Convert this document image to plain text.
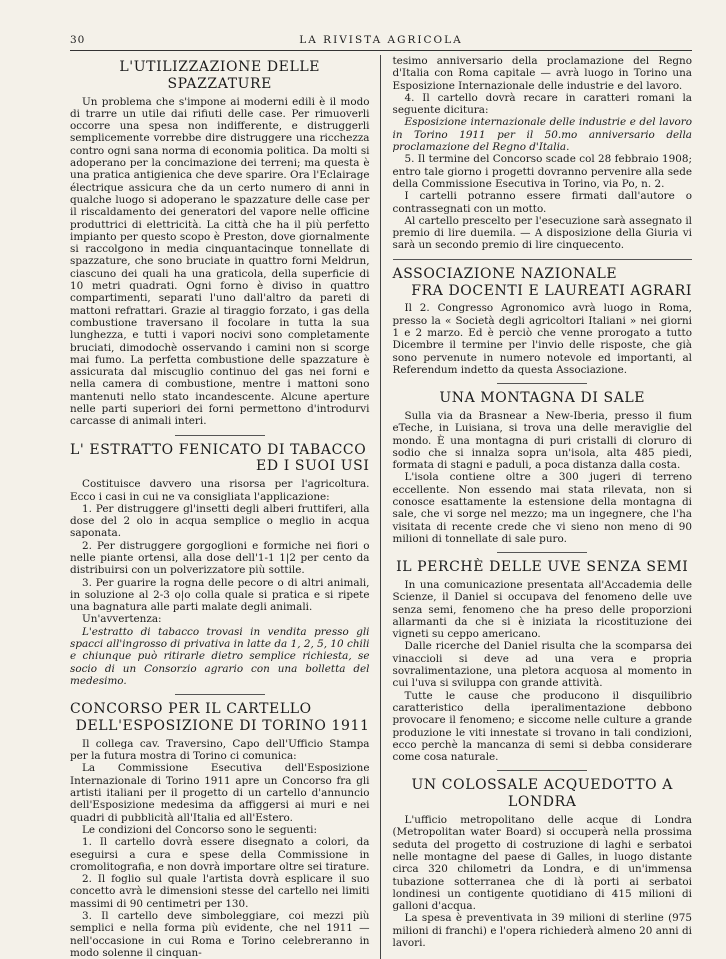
30	LA RIVISTA AGRICOLA
L'UTILIZZAZIONE DELLE SPAZZATURE

Un problema che s'impone ai moderni edili è il modo di trarre un utile dai rifiuti delle case. Per rimuoverli occorre una spesa non indifferente, e distruggerli semplicemente vorrebbe dire distruggere una ricchezza contro ogni sana norma di economia politica. Da molti si adoperano per la concimazione dei terreni; ma questa è una pratica antigienica che deve sparire. Ora l'Eclairage électrique assicura che da un certo numero di anni in qualche luogo si adoperano le spazzature delle case per il riscaldamento dei generatori del vapore nelle officine produttrici di elettricità. La città che ha il più perfetto impianto per questo scopo è Preston, dove giornalmente si raccolgono in media cinquantacinque tonnellate di spazzature, che sono bruciate in quattro forni Meldrun, ciascuno dei quali ha una graticola, della superficie di 10 metri quadrati. Ogni forno è diviso in quattro compartimenti, separati l'uno dall'altro da pareti di mattoni refrattari. Grazie al tiraggio forzato, i gas della combustione traversano il focolare in tutta la sua lunghezza, e tutti i vapori nocivi sono completamente bruciati, dimodochè osservando i camini non si scorge mai fumo. La perfetta combustione delle spazzature è assicurata dal miscuglio continuo del gas nei forni e nella camera di combustione, mentre i mattoni sono mantenuti nello stato incandescente. Alcune aperture nelle parti superiori dei forni permettono d'introdurvi carcasse di animali interi.

L' ESTRATTO FENICATO DI TABACCO
ED I SUOI USI

Costituisce davvero una risorsa per l'agricoltura. Ecco i casi in cui ne va consigliata l'applicazione:

1. Per distruggere gl'insetti degli alberi fruttiferi, alla dose del 2 olo in acqua semplice o meglio in acqua saponata.

2. Per distruggere gorgoglioni e formiche nei fiori o nelle piante ortensi, alla dose dell'1-1 1|2 per cento da distribuirsi con un polverizzatore più sottile.

3. Per guarire la rogna delle pecore o di altri animali, in soluzione al 2-3 o|o colla quale si pratica e si ripete una bagnatura alle parti malate degli animali.

Un'avvertenza:

L'estratto di tabacco trovasi in vendita presso gli spacci all'ingrosso di privativa in latte da 1, 2, 5, 10 chili e chiunque può ritirarle dietro semplice richiesta, se socio di un Consorzio agrario con una bolletta del medesimo.

CONCORSO PER IL CARTELLO
DELL'ESPOSIZIONE DI TORINO 1911

Il collega cav. Traversino, Capo dell'Ufficio Stampa per la futura mostra di Torino ci comunica:

La Commissione Esecutiva dell'Esposizione Internazionale di Torino 1911 apre un Concorso fra gli artisti italiani per il progetto di un cartello d'annuncio dell'Esposizione medesima da affiggersi ai muri e nei quadri di pubblicità all'Italia ed all'Estero.

Le condizioni del Concorso sono le seguenti:

1. Il cartello dovrà essere disegnato a colori, da eseguirsi a cura e spese della Commissione in cromolitografia, e non dovrà importare oltre sei tirature.

2. Il foglio sul quale l'artista dovrà esplicare il suo concetto avrà le dimensioni stesse del cartello nei limiti massimi di 90 centimetri per 130.

3. Il cartello deve simboleggiare, coi mezzi più semplici e nella forma più evidente, che nel 1911 — nell'occasione in cui Roma e Torino celebreranno in modo solenne il cinquan-

tesimo anniversario della proclamazione del Regno d'Italia con Roma capitale — avrà luogo in Torino una Esposizione Internazionale delle industrie e del lavoro.

4. Il cartello dovrà recare in caratteri romani la seguente dicitura:

Esposizione internazionale delle industrie e del lavoro in Torino 1911 per il 50.mo anniversario della proclamazione del Regno d'Italia.

5. Il termine del Concorso scade col 28 febbraio 1908; entro tale giorno i progetti dovranno pervenire alla sede della Commissione Esecutiva in Torino, via Po, n. 2.

I cartelli potranno essere firmati dall'autore o contrassegnati con un motto.

Al cartello prescelto per l'esecuzione sarà assegnato il premio di lire duemila. — A disposizione della Giuria vi sarà un secondo premio di lire cinquecento.

ASSOCIAZIONE NAZIONALE
FRA DOCENTI E LAUREATI AGRARI

Il 2. Congresso Agronomico avrà luogo in Roma, presso la « Società degli agricoltori Italiani » nei giorni 1 e 2 marzo. Ed è perciò che venne prorogato a tutto Dicembre il termine per l'invio delle risposte, che già sono pervenute in numero notevole ed importanti, al Referendum indetto da questa Associazione.

UNA MONTAGNA DI SALE

Sulla via da Brasnear a New-Iberia, presso il fium eTeche, in Luisiana, si trova una delle meraviglie del mondo. È una montagna di puri cristalli di cloruro di sodio che si innalza sopra un'isola, alta 485 piedi, formata di stagni e paduli, a poca distanza dalla costa.

L'isola contiene oltre a 300 jugeri di terreno eccellente. Non essendo mai stata rilevata, non si conosce esattamente la estensione della montagna di sale, che vi sorge nel mezzo; ma un ingegnere, che l'ha visitata di recente crede che vi sieno non meno di 90 milioni di tonnellate di sale puro.

IL PERCHÈ DELLE UVE SENZA SEMI

In una comunicazione presentata all'Accademia delle Scienze, il Daniel si occupava del fenomeno delle uve senza semi, fenomeno che ha preso delle proporzioni allarmanti da che si è iniziata la ricostituzione dei vigneti su ceppo americano.

Dalle ricerche del Daniel risulta che la scomparsa dei vinaccioli si deve ad una vera e propria sovralimentazione, una pletora acquosa al momento in cui l'uva si sviluppa con grande attività.

Tutte le cause che producono il disquilibrio caratteristico della iperalimentazione debbono provocare il fenomeno; e siccome nelle culture a grande produzione le viti innestate si trovano in tali condizioni, ecco perchè la mancanza di semi si debba considerare come cosa naturale.

UN COLOSSALE ACQUEDOTTO A LONDRA

L'ufficio metropolitano delle acque di Londra (Metropolitan water Board) si occuperà nella prossima seduta del progetto di costruzione di laghi e serbatoi nelle montagne del paese di Galles, in luogo distante circa 320 chilometri da Londra, e di un'immensa tubazione sotterranea che di là porti ai serbatoi londinesi un contigente quotidiano di 415 milioni di galloni d'acqua.

La spesa è preventivata in 39 milioni di sterline (975 milioni di franchi) e l'opera richiederà almeno 20 anni di lavori.
